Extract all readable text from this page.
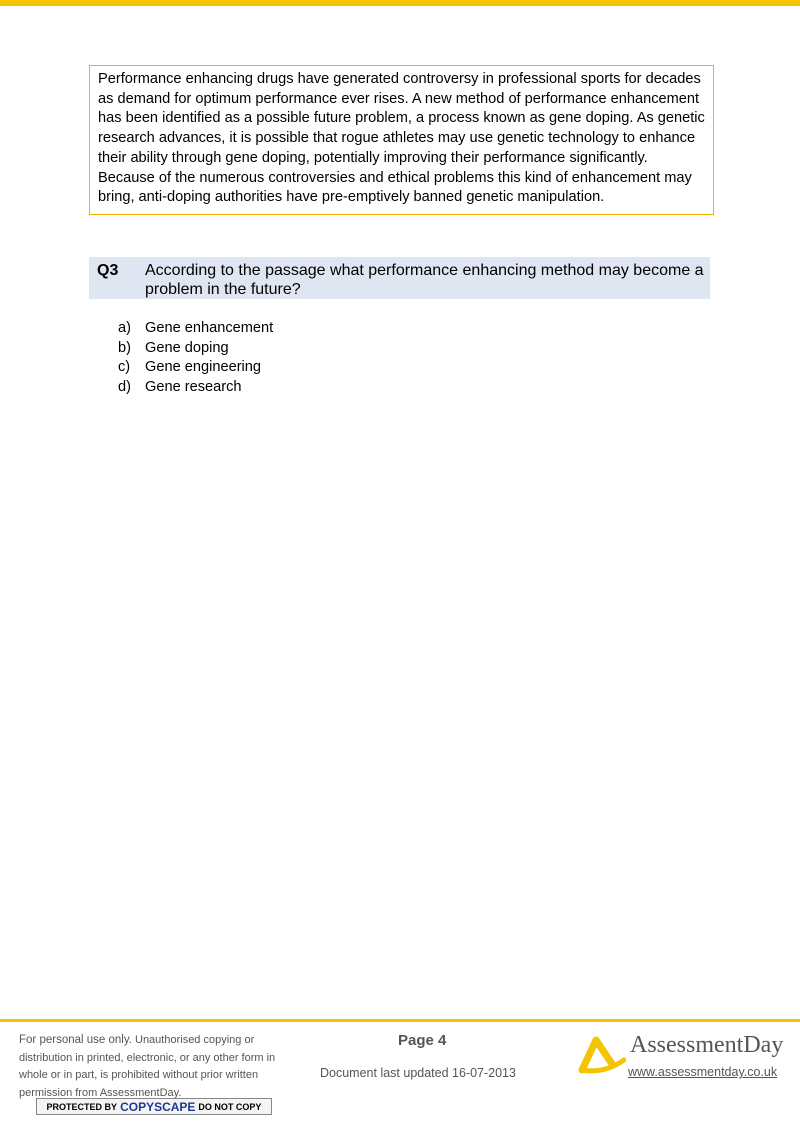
Performance enhancing drugs have generated controversy in professional sports for decades as demand for optimum performance ever rises. A new method of performance enhancement has been identified as a possible future problem, a process known as gene doping. As genetic research advances, it is possible that rogue athletes may use genetic technology to enhance their ability through gene doping, potentially improving their performance significantly. Because of the numerous controversies and ethical problems this kind of enhancement may bring, anti-doping authorities have pre-emptively banned genetic manipulation.
Q3 According to the passage what performance enhancing method may become a problem in the future?
a) Gene enhancement
b) Gene doping
c)	Gene engineering
d) Gene research
For personal use only. Unauthorised copying or distribution in printed, electronic, or any other form in whole or in part, is prohibited without prior written permission from AssessmentDay.
PROTECTED BY COPYSCAPE DO NOT COPY
Page 4
Document last updated 16-07-2013
AssessmentDay
www.assessmentday.co.uk
